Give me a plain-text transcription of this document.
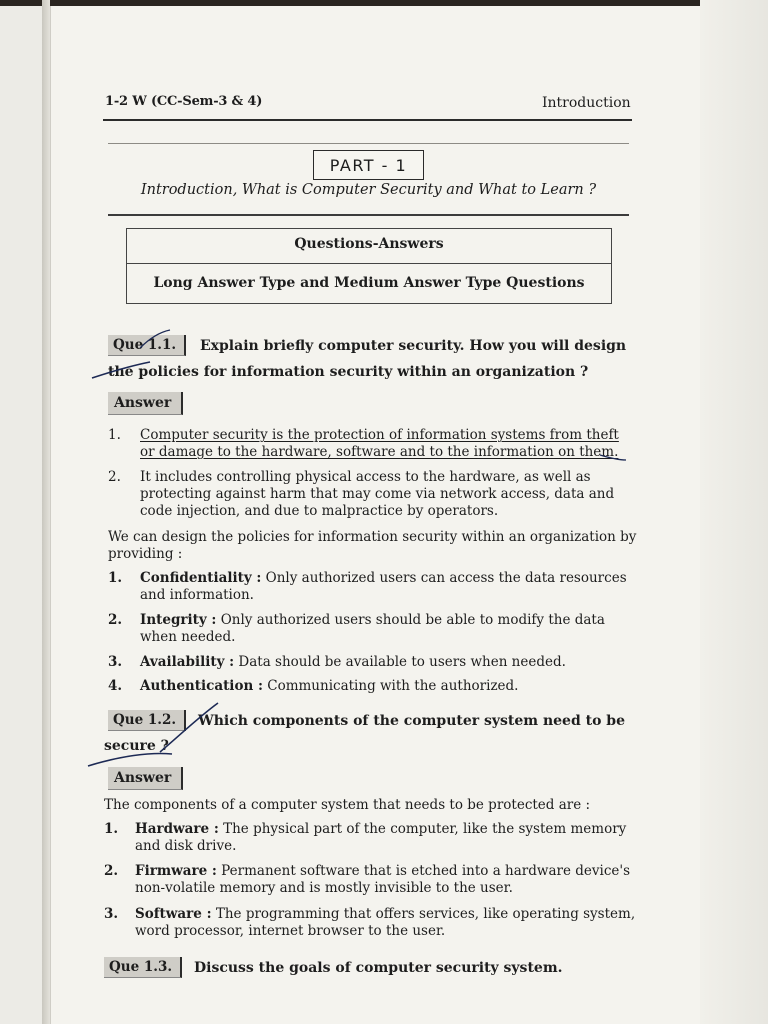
1-2 W (CC-Sem-3 & 4)	Introduction
PART - 1
Introduction, What is Computer Security and What to Learn ?
Questions-Answers
Long Answer Type and Medium Answer Type Questions
Que 1.1.	Explain briefly computer security. How you will design
the policies for information security within an organization ?
Answer
1. Computer security is the protection of information systems from theft
or damage to the hardware, software and to the information on them.
2. It includes controlling physical access to the hardware, as well as
protecting against harm that may come via network access, data and
code injection, and due to malpractice by operators.
We can design the policies for information security within an organization by
providing :
1. Confidentiality : Only authorized users can access the data resources
and information.
2. Integrity : Only authorized users should be able to modify the data
when needed.
3. Availability : Data should be available to users when needed.
4. Authentication : Communicating with the authorized.
Que 1.2.	Which components of the computer system need to be
secure ?
Answer
The components of a computer system that needs to be protected are :
1. Hardware : The physical part of the computer, like the system memory
and disk drive.
2. Firmware : Permanent software that is etched into a hardware device's
non-volatile memory and is mostly invisible to the user.
3. Software : The programming that offers services, like operating system,
word processor, internet browser to the user.
Que 1.3.	Discuss the goals of computer security system.
